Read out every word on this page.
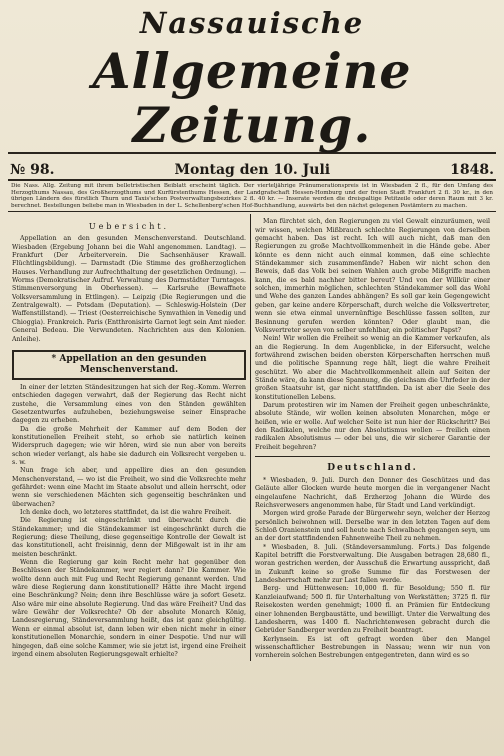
Nassauische
Allgemeine Zeitung.
№ 98.	Montag den 10. Juli	1848.
Die Nass. Allg. Zeitung mit ihrem belletristischen Beiblatt erscheint täglich. Der vierteljährige Pränumerationspreis ist in Wiesbaden 2 fl., für den Umfang des Herzogthums Nassau, des Großherzogthums und Kurfürstenthums Hessen, der Landgrafschaft Hessen-Homburg und der freien Stadt Frankfurt 2 fl. 30 kr., in den übrigen Ländern des fürstlich Thurn und Taxis'schen Postverwaltungsbezirkes 2 fl. 40 kr. — Inserate werden die dreispaltige Petitzeile oder deren Raum mit 3 kr. berechnet. Bestellungen beliebe man in Wiesbaden in der L. Schellenberg'schen Hof-Buchhandlung, auswärts bei den nächst gelegenen Postämtern zu machen.
Uebersicht.

Appellation an den gesunden Menschenverstand. Deutschland. Wiesbaden (Ergebung Johann bei die Wahl angenommen. Landtag). — Frankfurt (Der Arbeiterverein. Die Sachsenhäuser Krawall. Flüchtlingsbildung). — Darmstadt (Die Stimme des großherzoglichen Hauses. Verhandlung zur Aufrechthaltung der gesetzlichen Ordnung). — Worms (Demokratischer Aufruf. Verwaltung des Darmstädter Turntages. Stimmenversorgung in Oberhessen). — Karlsruhe (Bewaffnete Volksversammlung in Ettlingen). — Leipzig (Die Regierungen und die Zentralgewalt). — Potsdam (Deputation). — Schleswig-Holstein (Der Waffenstillstand). — Triest (Oesterreichische Symvathien in Venedig und Chioggia). Frankreich. Paris (Entthronisirte Garnot legt sein Amt nieder. General Bedeau. Die Verwundeten. Nachrichten aus den Kolonien. Anleihe).

* Appellation an den gesunden Menschenverstand.

In einer der letzten Ständesitzungen hat sich der Reg.-Komm. Werren entschieden dagegen verwahrt, daß der Regierung das Recht nicht zustehe, die Versammlung eines von den Ständen gewählten Gesetzentwurfes aufzuheben, beziehungsweise seiner Einsprache dagegen zu erheben.

Da die große Mehrheit der Kammer auf dem Boden der konstitutionellen Freiheit steht, so erhob sie natürlich keinen Widerspruch dagegen; wie wir hören, wird sie nun aber von bereits schon wieder verlangt, als habe sie dadurch ein Volksrecht vergeben u. s. w.

Nun frage ich aber, und appellire dies an den gesunden Menschenverstand, — wo ist die Freiheit, wo sind die Volksrechte mehr gefährdet: wenn eine Macht im Staate absolut und allein herrscht, oder wenn sie verschiedenen Mächten sich gegenseitig beschränken und überwachen?

Ich denke doch, wo letzteres stattfindet, da ist die wahre Freiheit.

Die Regierung ist eingeschränkt und überwacht durch die Ständekammer; und die Ständekammer ist eingeschränkt durch die Regierung; diese Theilung, diese gegenseitige Kontrolle der Gewalt ist das konstitutionell, acht freisinnig, denn der Mißgewalt ist in ihr am meisten beschränkt.

Wenn die Regierung gar kein Recht mehr hat gegenüber den Beschlüssen der Ständekammer, wer regiert dann? Die Kammer. Wie wollte denn auch mit Fug und Recht Regierung genannt werden. Und wäre diese Regierung dann konstitutionell? Hätte ihre Macht irgend eine Beschränkung? Nein; denn ihre Beschlüsse wäre ja sofort Gesetz. Also wäre mir eine absolute Regierung. Und das wäre Freiheit? Und das wäre Gewähr der Volksrechte? Ob der absolute Monarch König, Landesregierung, Ständeversammlung heißt, das ist ganz gleichgültig. Wenn er einmal absolut ist, dann leben wir eben nicht mehr in einer konstitutionellen Monarchie, sondern in einer Despotie. Und nur will hingegen, daß eine solche Kammer, wie sie jetzt ist, irgend eine Freiheit irgend einem absoluten Regierungsgewalt erhielte?

Man fürchtet sich, den Regierungen zu viel Gewalt einzuräumen, weil wir wissen, welchen Mißbrauch schlechte Regierungen von derselben gemacht haben. Das ist recht. Ich will auch nicht, daß man den Regierungen zu große Machtvollkommenheit in die Hände gebe. Aber könnte es denn nicht auch einmal kommen, daß eine schlechte Ständekammer sich zusammenfände? Haben wir nicht schon den Beweis, daß das Volk bei seinen Wahlen auch grobe Mißgriffe machen kann, die es bald nachher bitter bereut? Und von der Willkür einer solchen, immerhin möglichen, schlechten Ständekammer soll das Wohl und Wehe des ganzen Landes abhängen? Es soll gar kein Gegengewicht geben, gar keine andere Körperschaft, durch welche die Volksvertreter, wenn sie etwa einmal unvernünftige Beschlüsse fassen sollten, zur Besinnung gerufen werden könnten? Oder glaubt man, die Volksvertreter seyen von selber unfehlbar, ein politischer Papst?

Nein! Wir wollen die Freiheit so wenig an die Kammer verkaufen, als an die Regierung. In dem Augenblicke, in der Eifersucht, welche fortwährend zwischen beiden obersten Körperschaften herrschen muß und die politische Spannung rege hält, liegt die wahre Freiheit geschützt. Wo aber die Machtvollkommenheit allein auf Seiten der Stände wäre, da kann diese Spannung, die gleichsam die Uhrfeder in der großen Staatsuhr ist, gar nicht stattfinden. Da ist aber die Seele des konstitutionellen Lebens.

Darum protestiren wir im Namen der Freiheit gegen unbeschränkte, absolute Stände, wir wollen keinen absoluten Monarchen, möge er heißen, wie er wolle. Auf welcher Seite ist nun hier der Rückschritt? Bei den Radikalen, welche nur den Absolutismus wollen — freilich einen radikalen Absolutismus — oder bei uns, die wir sicherer Garantie der Freiheit begehren?

Deutschland.

* Wiesbaden, 9. Juli. Durch den Donner des Geschützes und das Geläute aller Glocken wurde heute morgen die in vergangener Nacht eingelaufene Nachricht, daß Erzherzog Johann die Würde des Reichsverwesers angenommen habe, für Stadt und Land verkündigt.

Morgen wird große Parade der Bürgerwehr seyn, welcher der Herzog persönlich beiwohnen will. Derselbe war in den letzten Tagen auf dem Schloß Oranienstein und soll heute nach Schwalbach gegangen seyn, um an der dort stattfindenden Fahnenweihe Theil zu nehmen.

* Wiesbaden, 8. Juli. (Ständeversammlung. Forts.) Das folgende Kapitel betrifft die Forstverwaltung. Die Ausgaben betragen 28,680 fl., woran gestrichen werden, der Ausschuß die Erwartung ausspricht, daß in Zukunft keine so große Summe für das Forstwesen der Landesherrschaft mehr zur Last fallen werde.

Berg- und Hüttenwesen: 10,000 fl. für Besoldung; 550 fl. für Kanzleiaufwand; 500 fl. für Unterhaltung von Werkstätten; 3725 fl. für Reisekosten werden genehmigt; 1000 fl. an Prämien für Entdeckung einer lohnenden Bergbaustätte, und bewilligt. Unter die Verwaltung des Landesherrn, was 1400 fl. Nachrichtenwesen gebracht durch die Gebrüder Sandberger werden zu Freiheit beantragt.

Kerlynsein. Es ist oft gefragt worden über den Mangel wissenschaftlicher Bestrebungen in Nassau; wenn wir nun von vornherein solchen Bestrebungen entgegentreten, dann wird es so
